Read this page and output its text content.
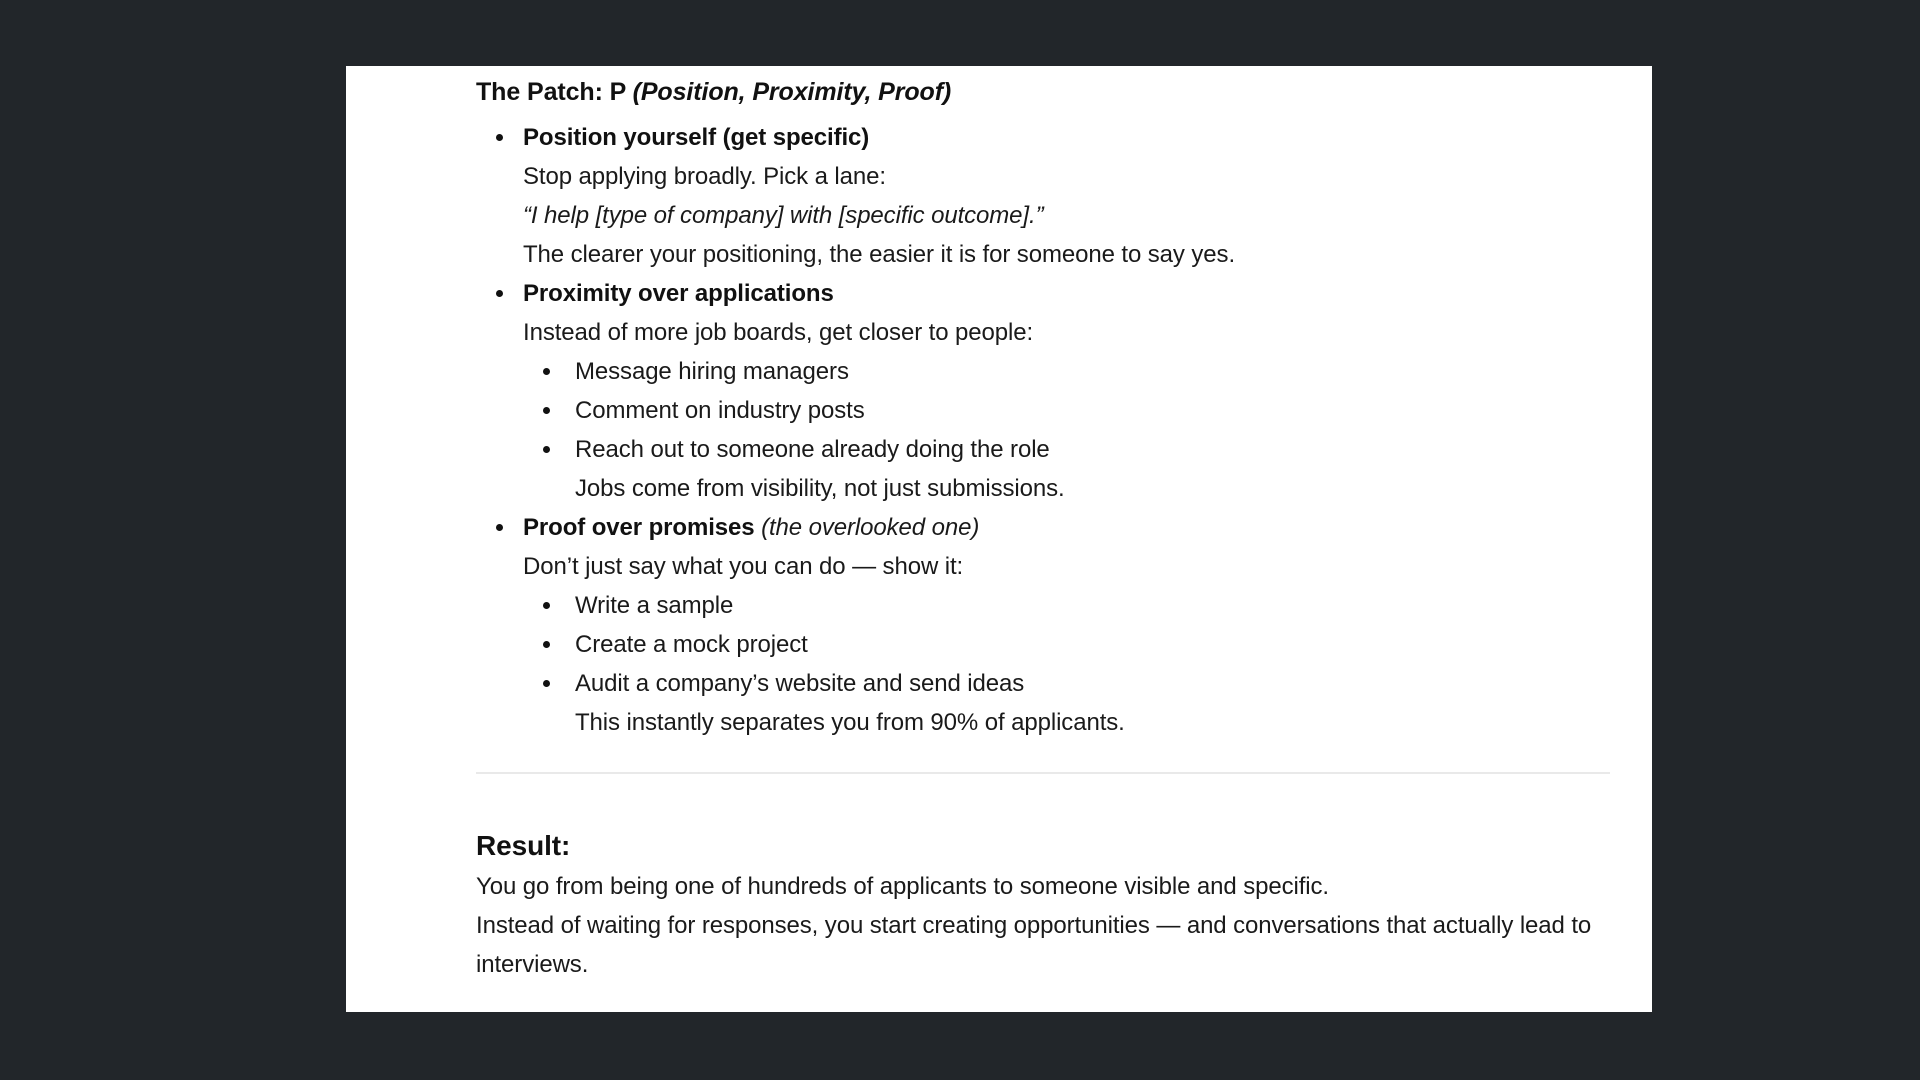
The Patch: P (Position, Proximity, Proof)

Position yourself (get specific)

Stop applying broadly. Pick a lane:

“I help [type of company] with [specific outcome].”

The clearer your positioning, the easier it is for someone to say yes.

Proximity over applications

Instead of more job boards, get closer to people:

Message hiring managers

Comment on industry posts

Reach out to someone already doing the role

Jobs come from visibility, not just submissions.

Proof over promises (the overlooked one)

Don’t just say what you can do — show it:

Write a sample

Create a mock project

Audit a company’s website and send ideas

This instantly separates you from 90% of applicants.

Result:

You go from being one of hundreds of applicants to someone visible and specific.

Instead of waiting for responses, you start creating opportunities — and conversations that actually lead to interviews.
